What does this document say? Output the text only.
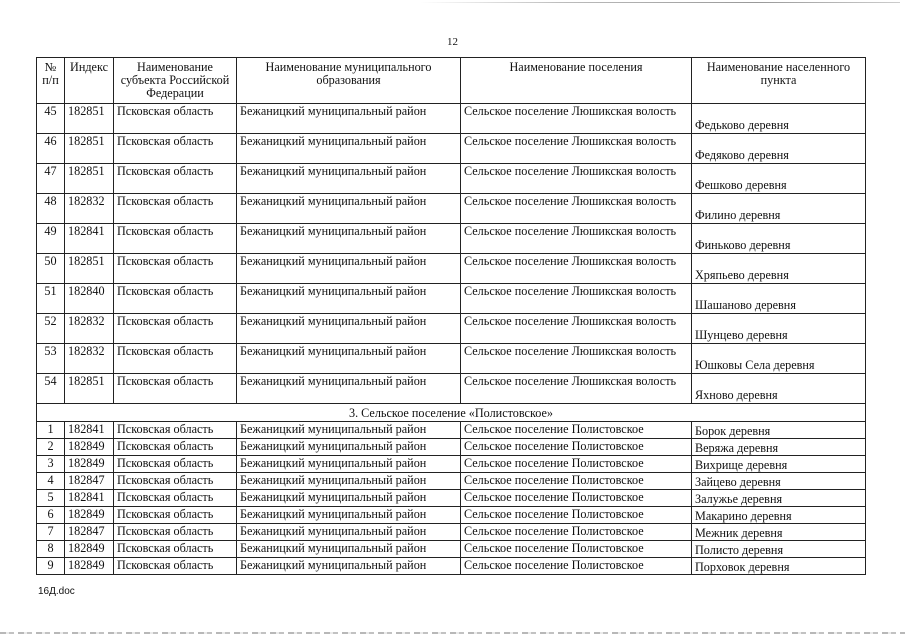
12
№ п/п	Индекс	Наименование субъекта Российской Федерации	Наименование муниципального образования	Наименование поселения	Наименование населенного пункта
45	182851	Псковская область	Бежаницкий муниципальный район	Сельское поселение Люшикская волость	Федьково деревня
46	182851	Псковская область	Бежаницкий муниципальный район	Сельское поселение Люшикская волость	Федяково деревня
47	182851	Псковская область	Бежаницкий муниципальный район	Сельское поселение Люшикская волость	Фешково деревня
48	182832	Псковская область	Бежаницкий муниципальный район	Сельское поселение Люшикская волость	Филино деревня
49	182841	Псковская область	Бежаницкий муниципальный район	Сельское поселение Люшикская волость	Финьково деревня
50	182851	Псковская область	Бежаницкий муниципальный район	Сельское поселение Люшикская волость	Хряпьево деревня
51	182840	Псковская область	Бежаницкий муниципальный район	Сельское поселение Люшикская волость	Шашаново деревня
52	182832	Псковская область	Бежаницкий муниципальный район	Сельское поселение Люшикская волость	Шунцево деревня
53	182832	Псковская область	Бежаницкий муниципальный район	Сельское поселение Люшикская волость	Юшковы Села деревня
54	182851	Псковская область	Бежаницкий муниципальный район	Сельское поселение Люшикская волость	Яхново деревня
3. Сельское поселение «Полистовское»					
1	182841	Псковская область	Бежаницкий муниципальный район	Сельское поселение Полистовское	Борок деревня
2	182849	Псковская область	Бежаницкий муниципальный район	Сельское поселение Полистовское	Веряжа деревня
3	182849	Псковская область	Бежаницкий муниципальный район	Сельское поселение Полистовское	Вихрище деревня
4	182847	Псковская область	Бежаницкий муниципальный район	Сельское поселение Полистовское	Зайцево деревня
5	182841	Псковская область	Бежаницкий муниципальный район	Сельское поселение Полистовское	Залужье деревня
6	182849	Псковская область	Бежаницкий муниципальный район	Сельское поселение Полистовское	Макарино деревня
7	182847	Псковская область	Бежаницкий муниципальный район	Сельское поселение Полистовское	Межник деревня
8	182849	Псковская область	Бежаницкий муниципальный район	Сельское поселение Полистовское	Полисто деревня
9	182849	Псковская область	Бежаницкий муниципальный район	Сельское поселение Полистовское	Порховок деревня
16Д.doc
